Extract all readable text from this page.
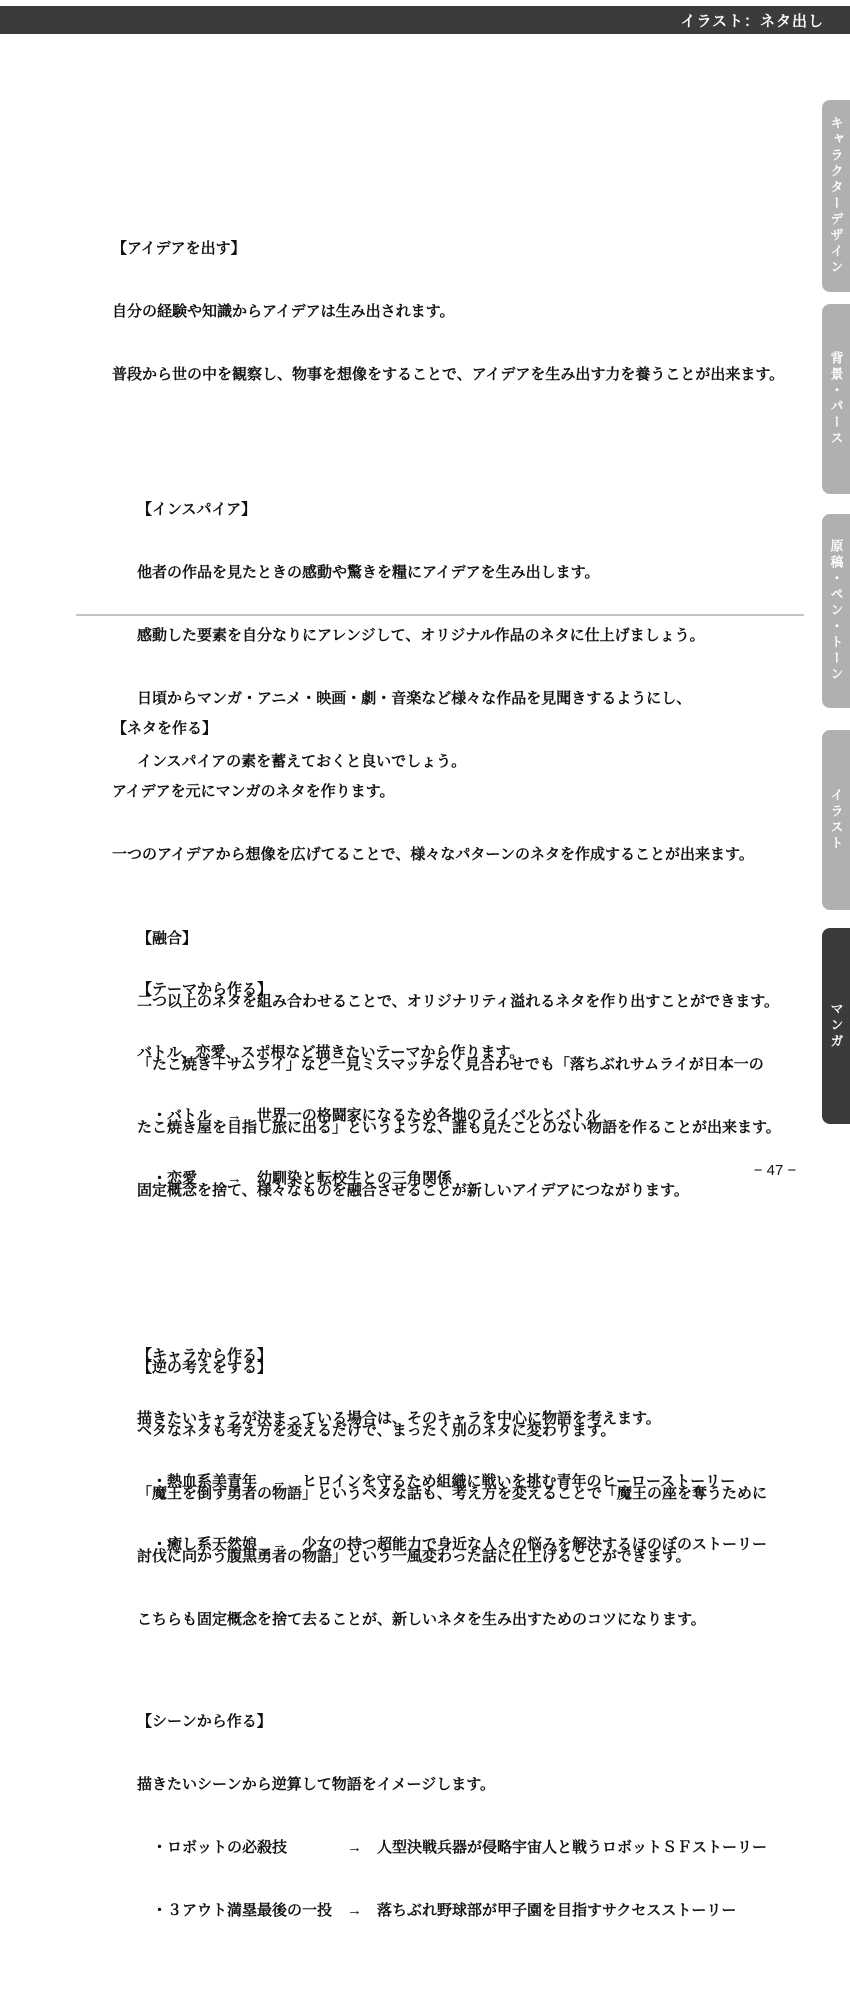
イラスト：ネタ出し
キャラクターデザイン
背景・パース
原稿・ペン・トーン
イラスト
マンガ

【アイデアを出す】

自分の経験や知識からアイデアは生み出されます。

普段から世の中を観察し、物事を想像をすることで、アイデアを生み出す力を養うことが出来ます。

【インスパイア】

他者の作品を見たときの感動や驚きを糧にアイデアを生み出します。

感動した要素を自分なりにアレンジして、オリジナル作品のネタに仕上げましょう。

日頃からマンガ・アニメ・映画・劇・音楽など様々な作品を見聞きするようにし、

インスパイアの素を蓄えておくと良いでしょう。

【融合】

二つ以上のネタを組み合わせることで、オリジナリティ溢れるネタを作り出すことができます。

「たこ焼き＋サムライ」など一見ミスマッチなく見合わせでも「落ちぶれサムライが日本一の

たこ焼き屋を目指し旅に出る」というような、誰も見たことのない物語を作ることが出来ます。

固定概念を捨て、様々なものを融合させることが新しいアイデアにつながります。

【逆の考えをする】

ベタなネタも考え方を変えるだけで、まったく別のネタに変わります。

「魔王を倒す勇者の物語」というベタな話も、考え方を変えることで「魔王の座を奪うために

討伐に向かう腹黒勇者の物語」という一風変わった話に仕上げることができます。

こちらも固定概念を捨て去ることが、新しいネタを生み出すためのコツになります。

【ネタを作る】

アイデアを元にマンガのネタを作ります。

一つのアイデアから想像を広げてることで、様々なパターンのネタを作成することが出来ます。

【テーマから作る】

バトル、恋愛、スポ根など描きたいテーマから作ります。

　・バトル　→　世界一の格闘家になるため各地のライバルとバトル

　・恋愛　　→　幼馴染と転校生との三角関係

【キャラから作る】

描きたいキャラが決まっている場合は、そのキャラを中心に物語を考えます。

　・熱血系美青年　→　ヒロインを守るため組織に戦いを挑む青年のヒーローストーリー

　・癒し系天然娘　→　少女の持つ超能力で身近な人々の悩みを解決するほのぼのストーリー

【シーンから作る】

描きたいシーンから逆算して物語をイメージします。

　・ロボットの必殺技　　　　→　人型決戦兵器が侵略宇宙人と戦うロボットＳＦストーリー

　・３アウト満塁最後の一投　→　落ちぶれ野球部が甲子園を目指すサクセスストーリー

− 47 −
